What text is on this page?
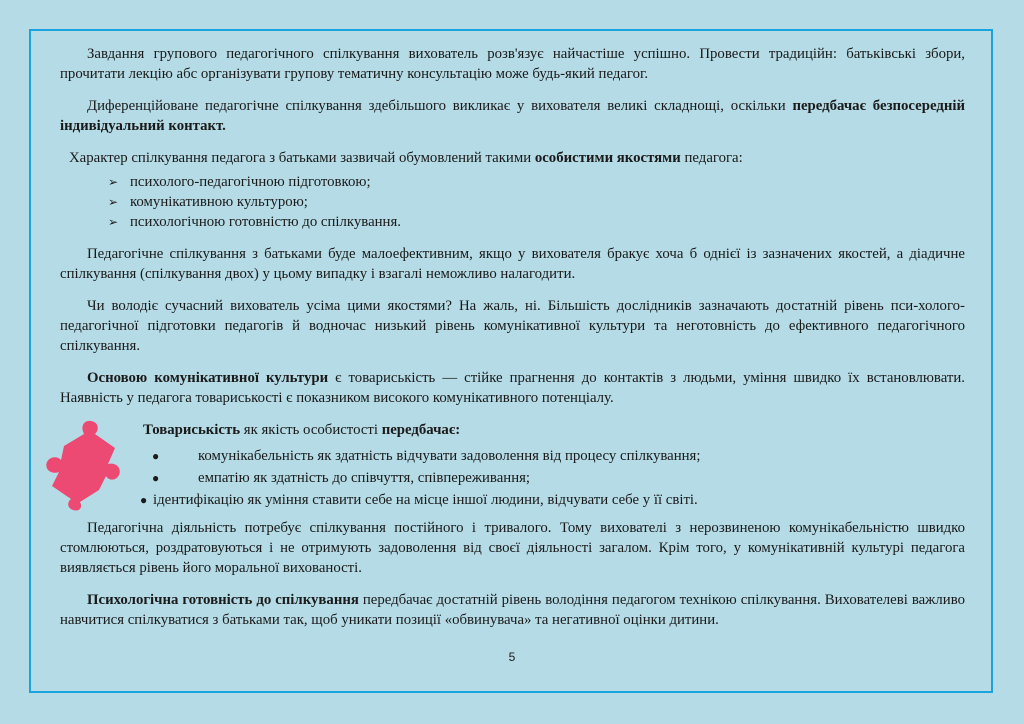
Завдання групового педагогічного спілкування вихователь розв'язує найчастіше успішно. Провести традиційн: батьківські збори, прочитати лекцію абс організувати групову тематичну консультацію може будь-який педагог.

Диференційоване педагогічне спілкування здебільшого викликає у вихователя великі складнощі, оскільки передбачає безпосередній індивідуальний контакт.

Характер спілкування педагога з батьками зазвичай обумовлений такими особистими якостями педагога:

➢ психолого-педагогічною підготовкою;
➢ комунікативною культурою;
➢ психологічною готовністю до спілкування.

Педагогічне спілкування з батьками буде малоефективним, якщо у вихователя бракує хоча б однієї із зазначених якостей, а діадичне спілкування (спілкування двох) у цьому випадку і взагалі неможливо налагодити.

Чи володіє сучасний вихователь усіма цими якостями? На жаль, ні. Більшість дослідників зазначають достатній рівень пси-холого-педагогічної підготовки педагогів й водночас низький рівень комунікативної культури та неготовність до ефективного педагогічного спілкування.

Основою комунікативної культури є товариськість — стійке прагнення до контактів з людьми, уміння швидко їх встановлювати. Наявність у педагога товариськості є показником високого комунікативного потенціалу.

Товариськість як якість особистості передбачає:

●	комунікабельність як здатність відчувати задоволення від процесу спілкування;
●	емпатію як здатність до співчуття, співпереживання;
● ідентифікацію як уміння ставити себе на місце іншої людини, відчувати себе у її світі.

Педагогічна діяльність потребує спілкування постійного і тривалого. Тому вихователі з нерозвиненою комунікабельністю швидко стомлюються, роздратовуються і не отримують задоволення від своєї діяльності загалом. Крім того, у комунікативній культурі педагога виявляється рівень його моральної вихованості.

Психологічна готовність до спілкування передбачає достатній рівень володіння педагогом технікою спілкування. Вихователеві важливо навчитися спілкуватися з батьками так, щоб уникати позиції «обвинувача» та негативної оцінки дитини.

5
